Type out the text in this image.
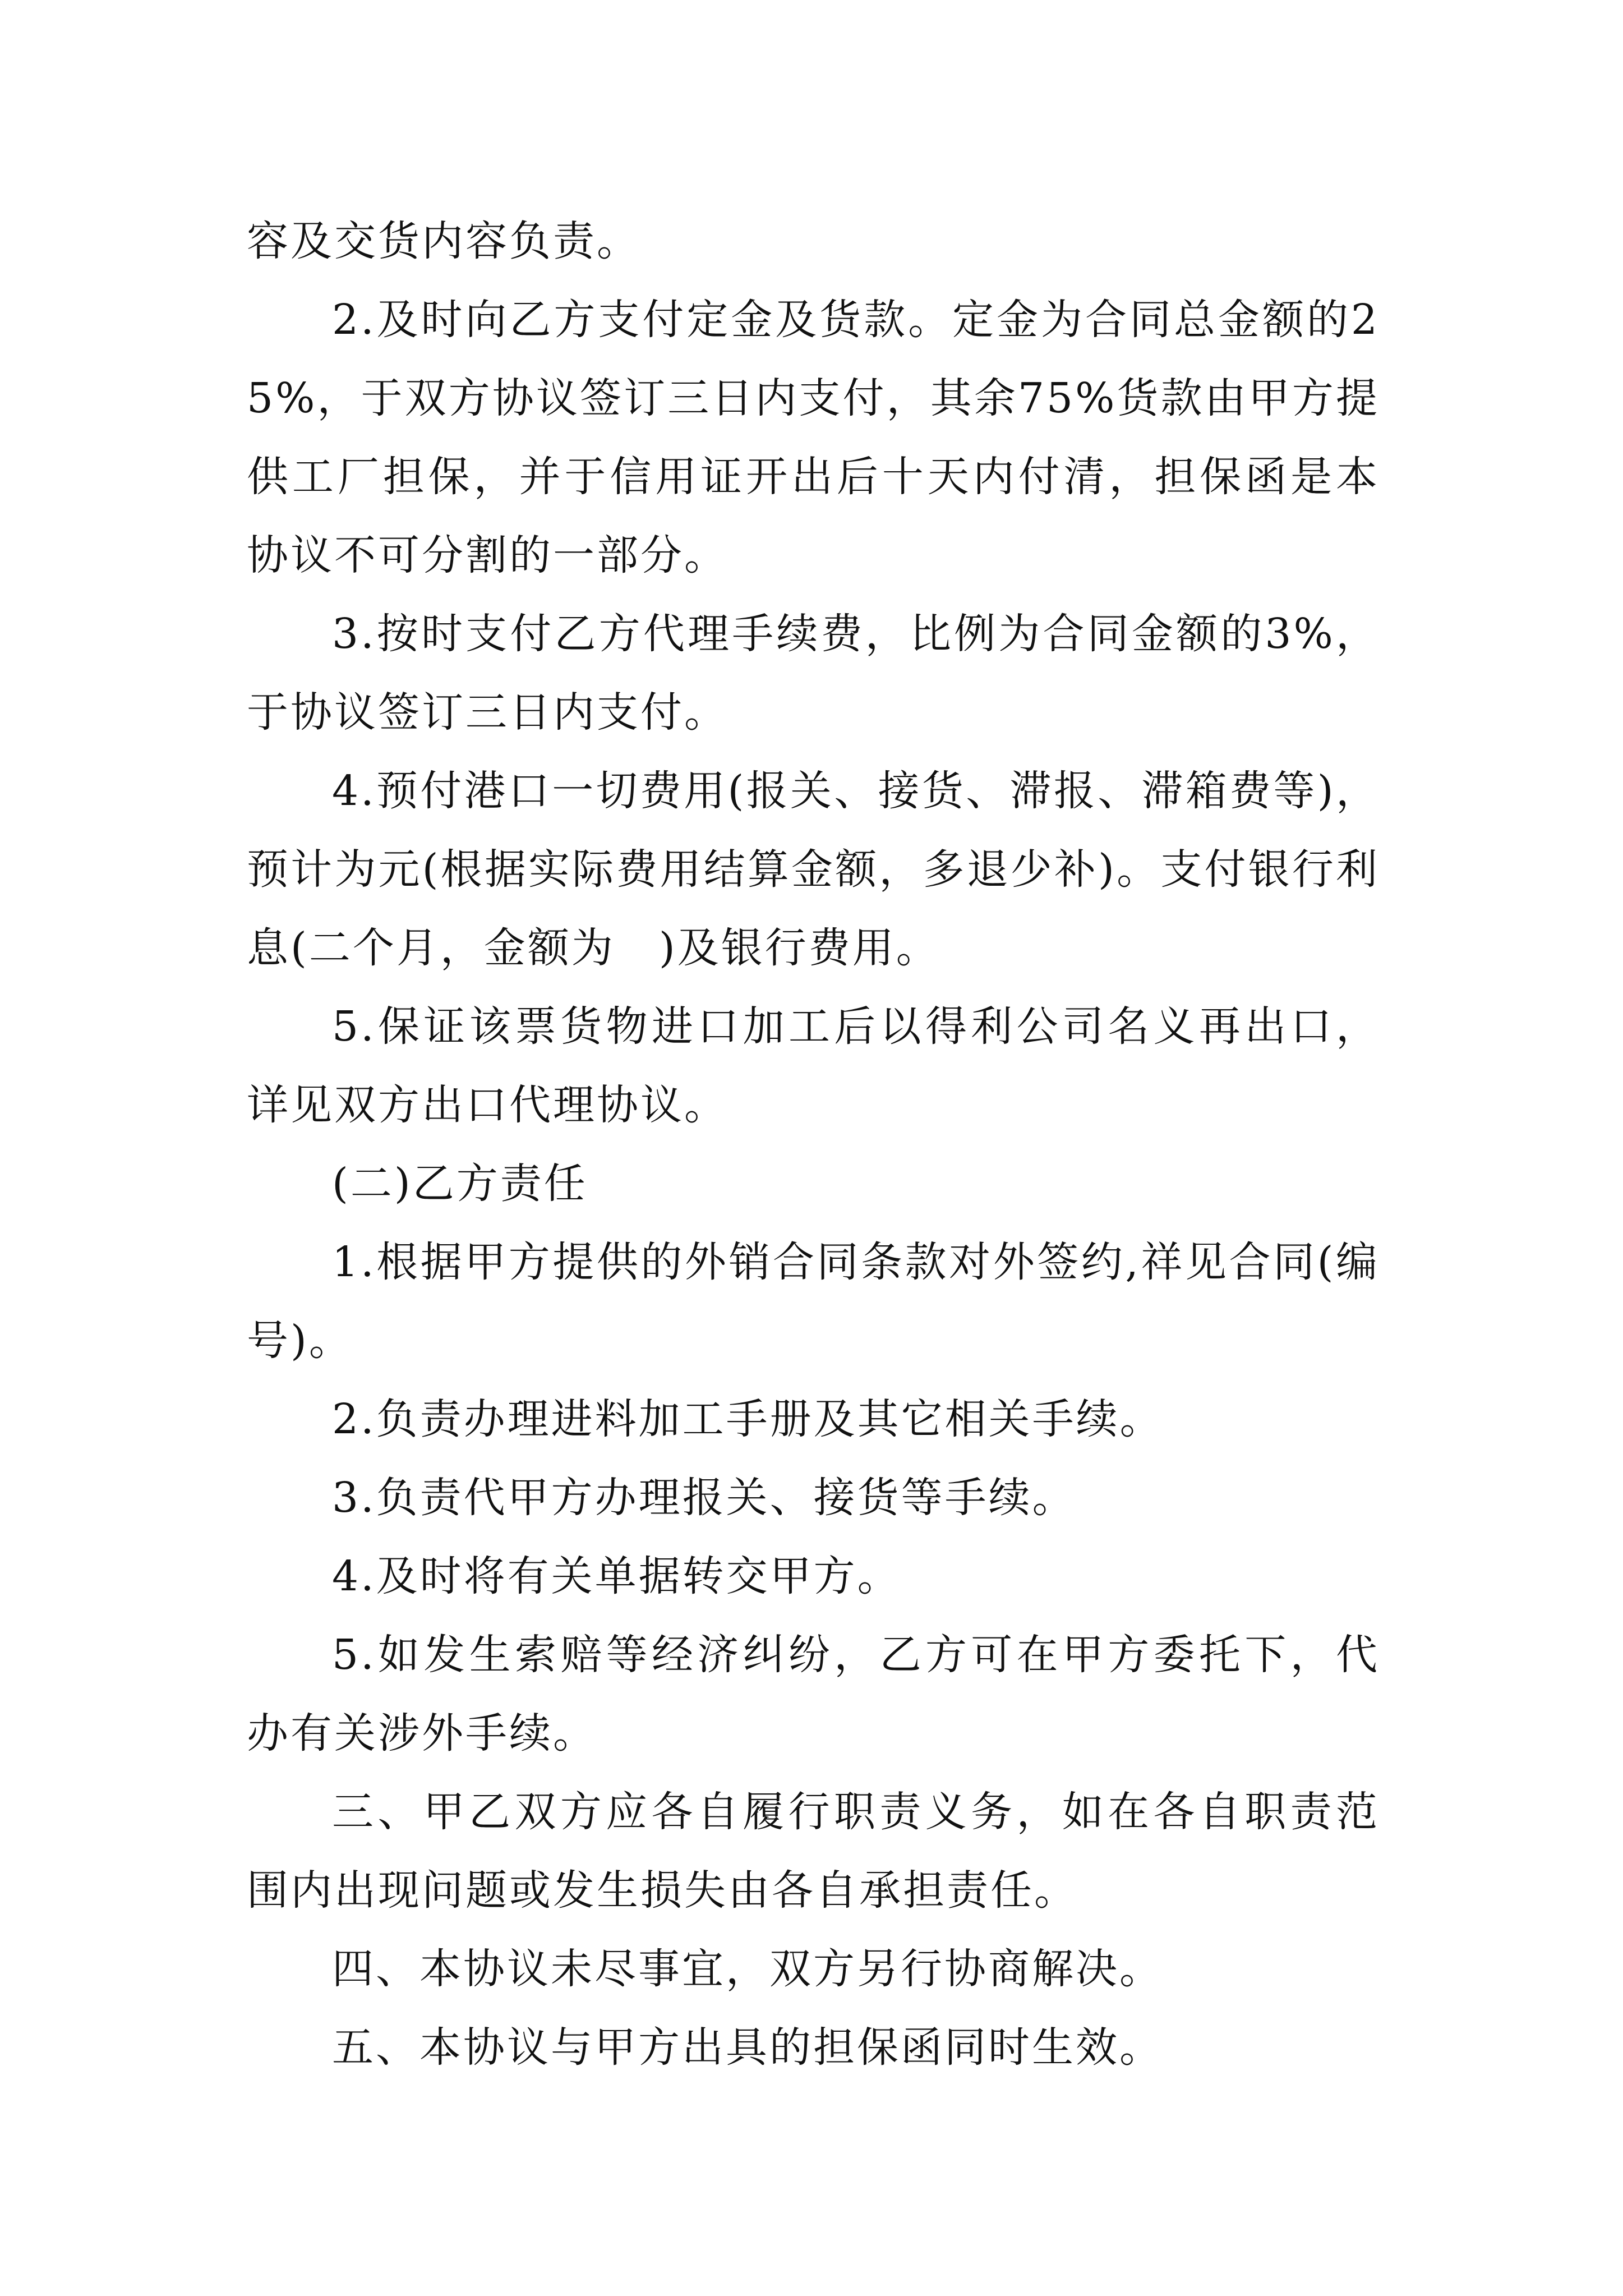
容及交货内容负责。

2.及时向乙方支付定金及货款。定金为合同总金额的25%，于双方协议签订三日内支付，其余75%货款由甲方提供工厂担保，并于信用证开出后十天内付清，担保函是本协议不可分割的一部分。

3.按时支付乙方代理手续费，比例为合同金额的3%，于协议签订三日内支付。

4.预付港口一切费用(报关、接货、滞报、滞箱费等)，预计为元(根据实际费用结算金额，多退少补)。支付银行利息(二个月，金额为　)及银行费用。

5.保证该票货物进口加工后以得利公司名义再出口，详见双方出口代理协议。

(二)乙方责任

1.根据甲方提供的外销合同条款对外签约,祥见合同(编号)。

2.负责办理进料加工手册及其它相关手续。

3.负责代甲方办理报关、接货等手续。

4.及时将有关单据转交甲方。

5.如发生索赔等经济纠纷，乙方可在甲方委托下，代办有关涉外手续。

三、甲乙双方应各自履行职责义务，如在各自职责范围内出现问题或发生损失由各自承担责任。

四、本协议未尽事宜，双方另行协商解决。

五、本协议与甲方出具的担保函同时生效。
